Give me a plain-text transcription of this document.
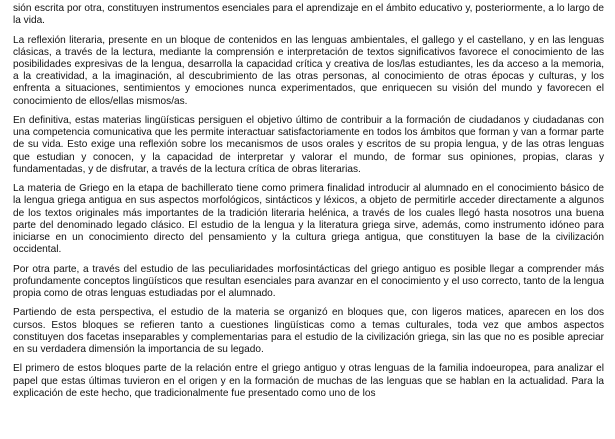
sión escrita por otra, constituyen instrumentos esenciales para el aprendizaje en el ámbito educativo y, posteriormente, a lo largo de la vida.

La reflexión literaria, presente en un bloque de contenidos en las lenguas ambientales, el gallego y el castellano, y en las lenguas clásicas, a través de la lectura, mediante la comprensión e interpretación de textos significativos favorece el conocimiento de las posibilidades expresivas de la lengua, desarrolla la capacidad crítica y creativa de los/las estudiantes, les da acceso a la memoria, a la creatividad, a la imaginación, al descubrimiento de las otras personas, al conocimiento de otras épocas y culturas, y los enfrenta a situaciones, sentimientos y emociones nunca experimentados, que enriquecen su visión del mundo y favorecen el conocimiento de ellos/ellas mismos/as.

En definitiva, estas materias lingüísticas persiguen el objetivo último de contribuir a la formación de ciudadanos y ciudadanas con una competencia comunicativa que les permite interactuar satisfactoriamente en todos los ámbitos que forman y van a formar parte de su vida. Esto exige una reflexión sobre los mecanismos de usos orales y escritos de su propia lengua, y de las otras lenguas que estudian y conocen, y la capacidad de interpretar y valorar el mundo, de formar sus opiniones, propias, claras y fundamentadas, y de disfrutar, a través de la lectura crítica de obras literarias.

La materia de Griego en la etapa de bachillerato tiene como primera finalidad introducir al alumnado en el conocimiento básico de la lengua griega antigua en sus aspectos morfológicos, sintácticos y léxicos, a objeto de permitirle acceder directamente a algunos de los textos originales más importantes de la tradición literaria helénica, a través de los cuales llegó hasta nosotros una buena parte del denominado legado clásico. El estudio de la lengua y la literatura griega sirve, además, como instrumento idóneo para iniciarse en un conocimiento directo del pensamiento y la cultura griega antigua, que constituyen la base de la civilización occidental.

Por otra parte, a través del estudio de las peculiaridades morfosintácticas del griego antiguo es posible llegar a comprender más profundamente conceptos lingüísticos que resultan esenciales para avanzar en el conocimiento y el uso correcto, tanto de la lengua propia como de otras lenguas estudiadas por el alumnado.

Partiendo de esta perspectiva, el estudio de la materia se organizó en bloques que, con ligeros matices, aparecen en los dos cursos. Estos bloques se refieren tanto a cuestiones lingüísticas como a temas culturales, toda vez que ambos aspectos constituyen dos facetas inseparables y complementarias para el estudio de la civilización griega, sin las que no es posible apreciar en su verdadera dimensión la importancia de su legado.

El primero de estos bloques parte de la relación entre el griego antiguo y otras lenguas de la familia indoeuropea, para analizar el papel que estas últimas tuvieron en el origen y en la formación de muchas de las lenguas que se hablan en la actualidad. Para la explicación de este hecho, que tradicionalmente fue presentado como uno de los
